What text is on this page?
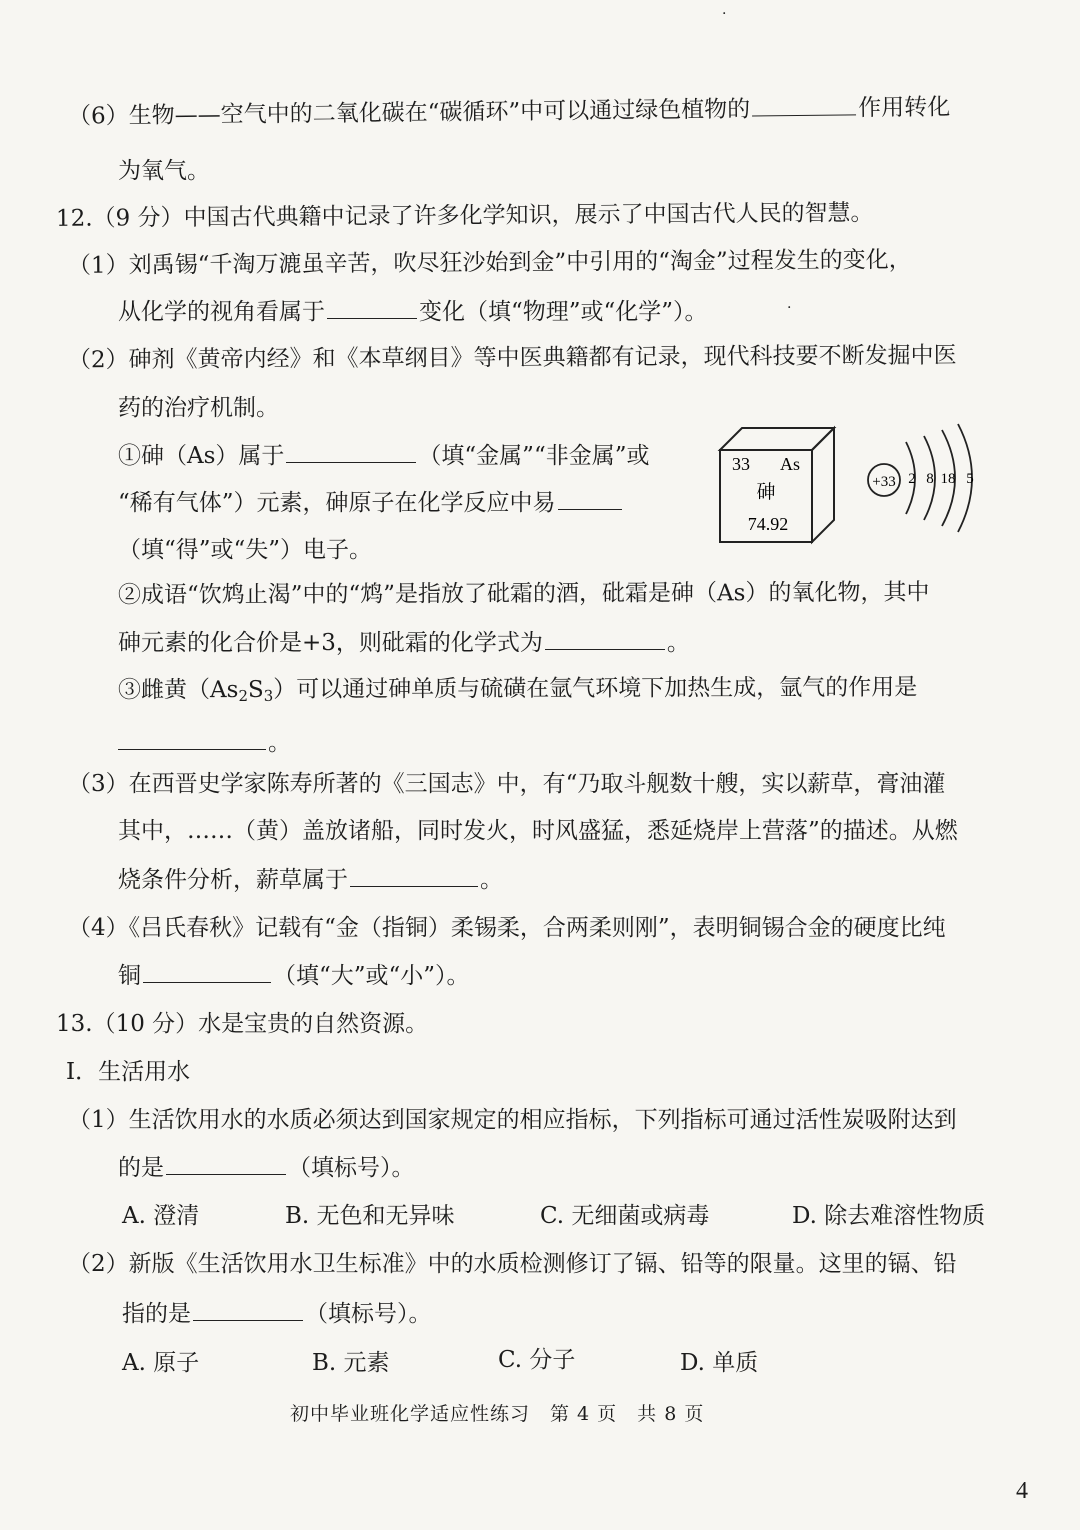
·
.
（6）生物——空气中的二氧化碳在“碳循环”中可以通过绿色植物的	作用转化
为氧气。
12.（9 分）中国古代典籍中记录了许多化学知识，展示了中国古代人民的智慧。
（1）刘禹锡“千淘万漉虽辛苦，吹尽狂沙始到金”中引用的“淘金”过程发生的变化，
从化学的视角看属于	变化（填“物理”或“化学”）。
（2）砷剂《黄帝内经》和《本草纲目》等中医典籍都有记录，现代科技要不断发掘中医
药的治疗机制。
①砷（As）属于	（填“金属”“非金属”或
“稀有气体”）元素，砷原子在化学反应中易
（填“得”或“失”）电子。
33 As
砷
74.92
+33 2 8 18 5
②成语“饮鸩止渴”中的“鸩”是指放了砒霜的酒，砒霜是砷（As）的氧化物，其中
砷元素的化合价是+3，则砒霜的化学式为	。
③雌黄$(As_2S_3)$可以通过砷单质与硫磺在氩气环境下加热生成，氩气的作用是
。
（3）在西晋史学家陈寿所著的《三国志》中，有“乃取斗舰数十艘，实以薪草，膏油灌
其中，……（黄）盖放诸船，同时发火，时风盛猛，悉延烧岸上营落”的描述。从燃
烧条件分析，薪草属于	。
（4）《吕氏春秋》记载有“金（指铜）柔锡柔，合两柔则刚”，表明铜锡合金的硬度比纯
铜	（填“大”或“小”）。
13.（10 分）水是宝贵的自然资源。
Ⅰ．生活用水
（1）生活饮用水的水质必须达到国家规定的相应指标，下列指标可通过活性炭吸附达到
的是	（填标号）。
A. 澄清	B. 无色和无异味	C. 无细菌或病毒	D. 除去难溶性物质
（2）新版《生活饮用水卫生标准》中的水质检测修订了镉、铅等的限量。这里的镉、铅
指的是	（填标号）。
A. 原子	B. 元素	C. 分子	D. 单质
初中毕业班化学适应性练习　第 4 页　共 8 页
4
